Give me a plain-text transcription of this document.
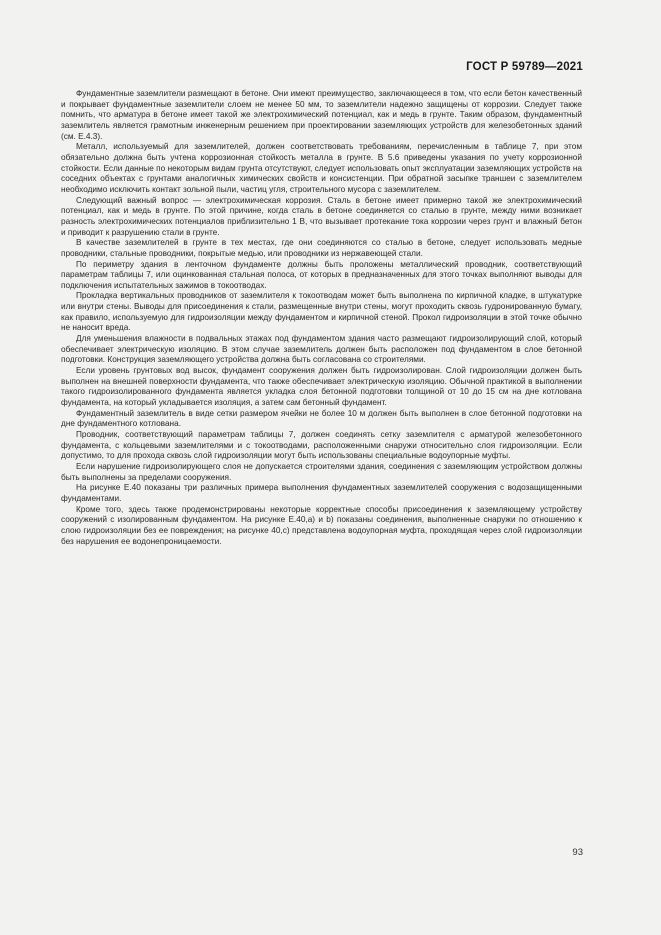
ГОСТ Р 59789—2021

Фундаментные заземлители размещают в бетоне. Они имеют преимущество, заключающееся в том, что если бетон качественный и покрывает фундаментные заземлители слоем не менее 50 мм, то заземлители надежно защищены от коррозии. Следует также помнить, что арматура в бетоне имеет такой же электрохимический потенциал, как и медь в грунте. Таким образом, фундаментный заземлитель является грамотным инженерным решением при проектировании заземляющих устройств для железобетонных зданий (см. Е.4.3).

Металл, используемый для заземлителей, должен соответствовать требованиям, перечисленным в таблице 7, при этом обязательно должна быть учтена коррозионная стойкость металла в грунте. В 5.6 приведены указания по учету коррозионной стойкости. Если данные по некоторым видам грунта отсутствуют, следует использовать опыт эксплуатации заземляющих устройств на соседних объектах с грунтами аналогичных химических свойств и консистенции. При обратной засыпке траншеи с заземлителем необходимо исключить контакт зольной пыли, частиц угля, строительного мусора с заземлителем.

Следующий важный вопрос — электрохимическая коррозия. Сталь в бетоне имеет примерно такой же электрохимический потенциал, как и медь в грунте. По этой причине, когда сталь в бетоне соединяется со сталью в грунте, между ними возникает разность электрохимических потенциалов приблизительно 1 В, что вызывает протекание тока коррозии через грунт и влажный бетон и приводит к разрушению стали в грунте.

В качестве заземлителей в грунте в тех местах, где они соединяются со сталью в бетоне, следует использовать медные проводники, стальные проводники, покрытые медью, или проводники из нержавеющей стали.

По периметру здания в ленточном фундаменте должны быть проложены металлический проводник, соответствующий параметрам таблицы 7, или оцинкованная стальная полоса, от которых в предназначенных для этого точках выполняют выводы для подключения испытательных зажимов в токоотводах.

Прокладка вертикальных проводников от заземлителя к токоотводам может быть выполнена по кирпичной кладке, в штукатурке или внутри стены. Выводы для присоединения к стали, размещенные внутри стены, могут проходить сквозь гудронированную бумагу, как правило, используемую для гидроизоляции между фундаментом и кирпичной стеной. Прокол гидроизоляции в этой точке обычно не наносит вреда.

Для уменьшения влажности в подвальных этажах под фундаментом здания часто размещают гидроизолирующий слой, который обеспечивает электрическую изоляцию. В этом случае заземлитель должен быть расположен под фундаментом в слое бетонной подготовки. Конструкция заземляющего устройства должна быть согласована со строителями.

Если уровень грунтовых вод высок, фундамент сооружения должен быть гидроизолирован. Слой гидроизоляции должен быть выполнен на внешней поверхности фундамента, что также обеспечивает электрическую изоляцию. Обычной практикой в выполнении такого гидроизолированного фундамента является укладка слоя бетонной подготовки толщиной от 10 до 15 см на дне котлована фундамента, на который укладывается изоляция, а затем сам бетонный фундамент.

Фундаментный заземлитель в виде сетки размером ячейки не более 10 м должен быть выполнен в слое бетонной подготовки на дне фундаментного котлована.

Проводник, соответствующий параметрам таблицы 7, должен соединять сетку заземлителя с арматурой железобетонного фундамента, с кольцевыми заземлителями и с токоотводами, расположенными снаружи относительно слоя гидроизоляции. Если допустимо, то для прохода сквозь слой гидроизоляции могут быть использованы специальные водоупорные муфты.

Если нарушение гидроизолирующего слоя не допускается строителями здания, соединения с заземляющим устройством должны быть выполнены за пределами сооружения.

На рисунке Е.40 показаны три различных примера выполнения фундаментных заземлителей сооружения с водозащищенными фундаментами.

Кроме того, здесь также продемонстрированы некоторые корректные способы присоединения к заземляющему устройству сооружений с изолированным фундаментом. На рисунке Е.40,a) и b) показаны соединения, выполненные снаружи по отношению к слою гидроизоляции без ее повреждения; на рисунке 40,c) представлена водоупорная муфта, проходящая через слой гидроизоляции без нарушения ее водонепроницаемости.

93
